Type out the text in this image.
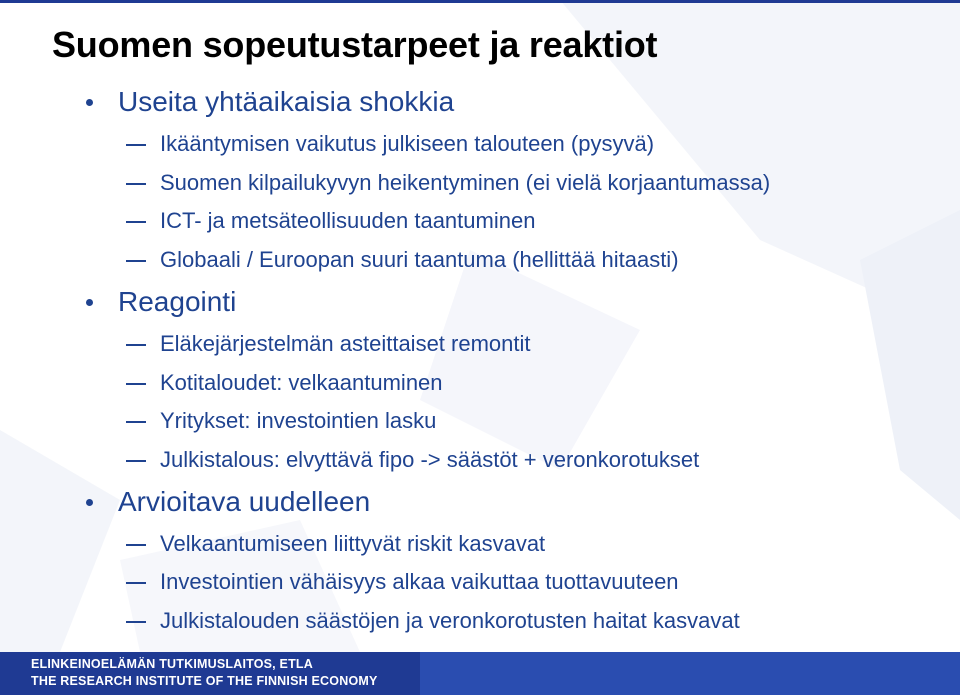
Suomen sopeutustarpeet ja reaktiot
Useita yhtäaikaisia shokkia
Ikääntymisen vaikutus julkiseen talouteen (pysyvä)
Suomen kilpailukyvyn heikentyminen (ei vielä korjaantumassa)
ICT- ja metsäteollisuuden taantuminen
Globaali / Euroopan suuri taantuma (hellittää hitaasti)
Reagointi
Eläkejärjestelmän asteittaiset remontit
Kotitaloudet: velkaantuminen
Yritykset: investointien lasku
Julkistalous: elvyttävä fipo -> säästöt + veronkorotukset
Arvioitava uudelleen
Velkaantumiseen liittyvät riskit kasvavat
Investointien vähäisyys alkaa vaikuttaa tuottavuuteen
Julkistalouden säästöjen ja veronkorotusten haitat kasvavat
ELINKEINOELÄMÄN TUTKIMUSLAITOS, ETLA
THE RESEARCH INSTITUTE OF THE FINNISH ECONOMY
